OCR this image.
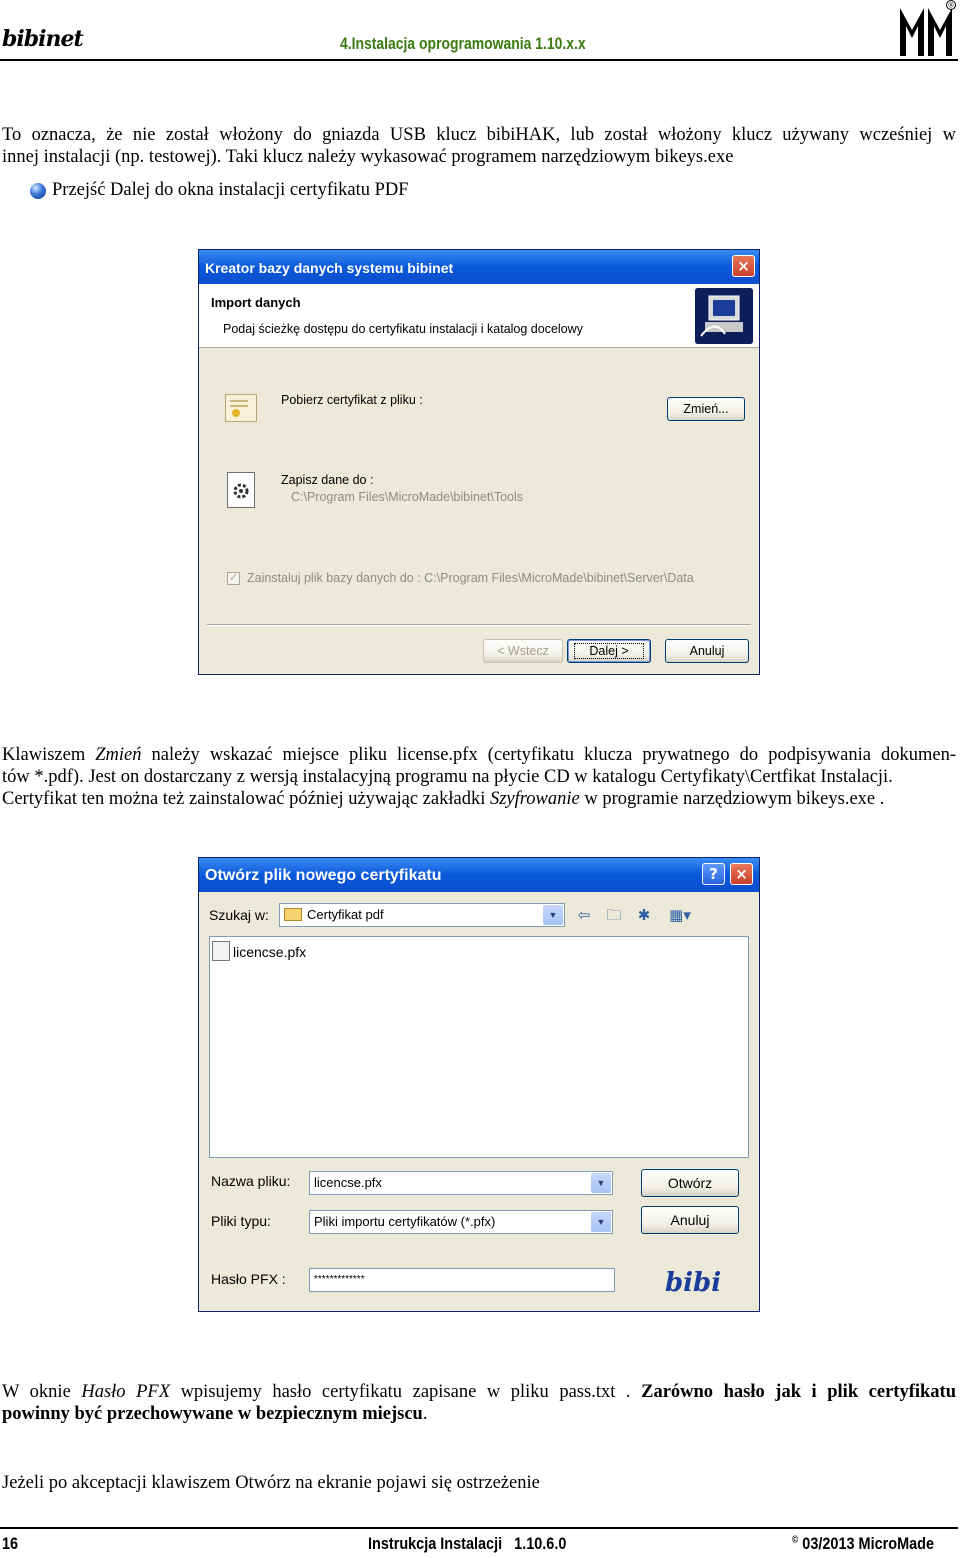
bibinet	4.Instalacja oprogramowania 1.10.x.x
®
To oznacza, że nie został włożony do gniazda USB klucz bibiHAK, lub został włożony klucz używany wcześniej w
innej instalacji (np. testowej). Taki klucz należy wykasować programem narzędziowym bikeys.exe
Przejść Dalej do okna instalacji certyfikatu PDF
Kreator bazy danych systemu bibinet	×
Import danych
Podaj ścieżkę dostępu do certyfikatu instalacji i katalog docelowy
Pobierz certyfikat z pliku :
Zmień...
Zapisz dane do :
C:\Program Files\MicroMade\bibinet\Tools
✓ Zainstaluj plik bazy danych do : C:\Program Files\MicroMade\bibinet\Server\Data
< Wstecz	Dalej >	Anuluj
Klawiszem Zmień należy wskazać miejsce pliku license.pfx (certyfikatu klucza prywatnego do podpisywania dokumen-
tów *.pdf). Jest on dostarczany z wersją instalacyjną programu na płycie CD w katalogu Certyfikaty\Certfikat Instalacji.
Certyfikat ten można też zainstalować później używając zakładki Szyfrowanie w programie narzędziowym bikeys.exe .
Otwórz plik nowego certyfikatu	?	×
Szukaj w:	Certyfikat pdf	▼	⇦	🗀	✱	▦▾
licencse.pfx
Nazwa pliku:	licencse.pfx	▼	Otwórz
Pliki typu:	Pliki importu certyfikatów (*.pfx)	▼	Anuluj
Hasło PFX :	*************	bibi
W oknie Hasło PFX wpisujemy hasło certyfikatu zapisane w pliku pass.txt . Zarówno hasło jak i plik certyfikatu
powinny być przechowywane w bezpiecznym miejscu.
Jeżeli po akceptacji klawiszem Otwórz na ekranie pojawi się ostrzeżenie
16	Instrukcja Instalacji   1.10.6.0	© 03/2013 MicroMade
